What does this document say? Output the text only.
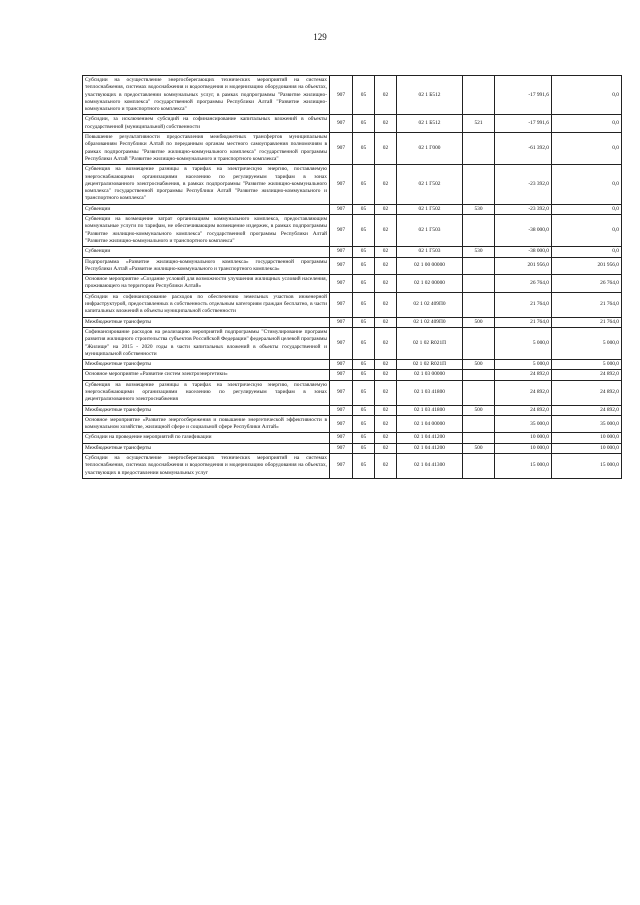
129
Субсидии на осуществление энергосберегающих технических мероприятий на системах теплоснабжения, системах водоснабжения и водоотведения и модернизацию оборудования на объектах, участвующих в предоставлении коммунальных услуг, в рамках подпрограммы "Развитие жилищно-коммунального комплекса" государственной программы Республики Алтай "Развитие жилищно-коммунального и транспортного комплекса"	907	05	02	02 1 Б512		-17 991,6	0,0
Субсидии, за исключением субсидий на софинансирование капитальных вложений в объекты государственной (муниципальной) собственности	907	05	02	02 1 Б512	521	-17 991,6	0,0
Повышение результативности предоставления межбюджетных трансфертов муниципальным образованиям Республики Алтай по переданным органам местного самоуправления полномочиям в рамках подпрограммы "Развитие жилищно-коммунального комплекса" государственной программы Республики Алтай "Развитие жилищно-коммунального и транспортного комплекса"	907	05	02	02 1 Г000		-61 392,0	0,0
Субвенция на возмещение разницы в тарифах на электрическую энергию, поставляемую энергоснабжающими организациями населению по регулируемым тарифам в зонах децентрализованного электроснабжения, в рамках подпрограммы "Развитие жилищно-коммунального комплекса" государственной программы Республики Алтай "Развитие жилищно-коммунального и транспортного комплекса"	907	05	02	02 1 Г502		-23 392,0	0,0
Субвенции	907	05	02	02 1 Г502	530	-23 392,0	0,0
Субвенции на возмещение затрат организациям коммунального комплекса, предоставляющим коммунальные услуги по тарифам, не обеспечивающим возмещение издержек, в рамках подпрограммы "Развитие жилищно-коммунального комплекса" государственной программы Республики Алтай "Развитие жилищно-коммунального и транспортного комплекса"	907	05	02	02 1 Г503		-38 000,0	0,0
Субвенции	907	05	02	02 1 Г503	530	-38 000,0	0,0
Подпрограмма «Развитие жилищно-коммунального комплекса» государственной программы Республики Алтай «Развитие жилищно-коммунального и транспортного комплекса»	907	05	02	02 1 00 00000		201 956,0	201 956,0
Основное мероприятие «Создание условий для возможности улучшения жилищных условий населения, проживающего на территории Республики Алтай»	907	05	02	02 1 02 00000		26 764,0	26 764,0
Субсидии на софинансирование расходов по обеспечению земельных участков инженерной инфраструктурой, предоставленных в собственность отдельным категориям граждан бесплатно, в части капитальных вложений в объекты муниципальной собственности	907	05	02	02 1 02 409П0		21 764,0	21 764,0
Межбюджетные трансферты	907	05	02	02 1 02 409П0	500	21 764,0	21 764,0
Софинансирование расходов на реализацию мероприятий подпрограммы "Стимулирование программ развития жилищного строительства субъектов Российской Федерации" федеральной целевой программы "Жилище" на 2015 - 2020 годы в части капитальных вложений в объекты государственной и муниципальной собственности	907	05	02	02 1 02 R021П		5 000,0	5 000,0
Межбюджетные трансферты	907	05	02	02 1 02 R021П	500	5 000,0	5 000,0
Основное мероприятие «Развитие систем электроэнергетики»	907	05	02	02 1 03 00000		24 892,0	24 892,0
Субвенция на возмещение разницы в тарифах на электрическую энергию, поставляемую энергоснабжающими организациями населению по регулируемым тарифам в зонах децентрализованного электроснабжения	907	05	02	02 1 03 41800		24 892,0	24 892,0
Межбюджетные трансферты	907	05	02	02 1 03 41800	500	24 892,0	24 892,0
Основное мероприятие «Развитие энергосбережения и повышение энергетической эффективности в коммунальном хозяйстве, жилищной сфере и социальной сфере Республики Алтай»	907	05	02	02 1 04 00000		35 000,0	35 000,0
Субсидии на проведение мероприятий по газификации	907	05	02	02 1 04 41200		10 000,0	10 000,0
Межбюджетные трансферты	907	05	02	02 1 04 41200	500	10 000,0	10 000,0
Субсидии на осуществление энергосберегающих технических мероприятий на системах теплоснабжения, системах водоснабжения и водоотведения и модернизацию оборудования на объектах, участвующих в предоставлении коммунальных услуг	907	05	02	02 1 04 41300		15 000,0	15 000,0
